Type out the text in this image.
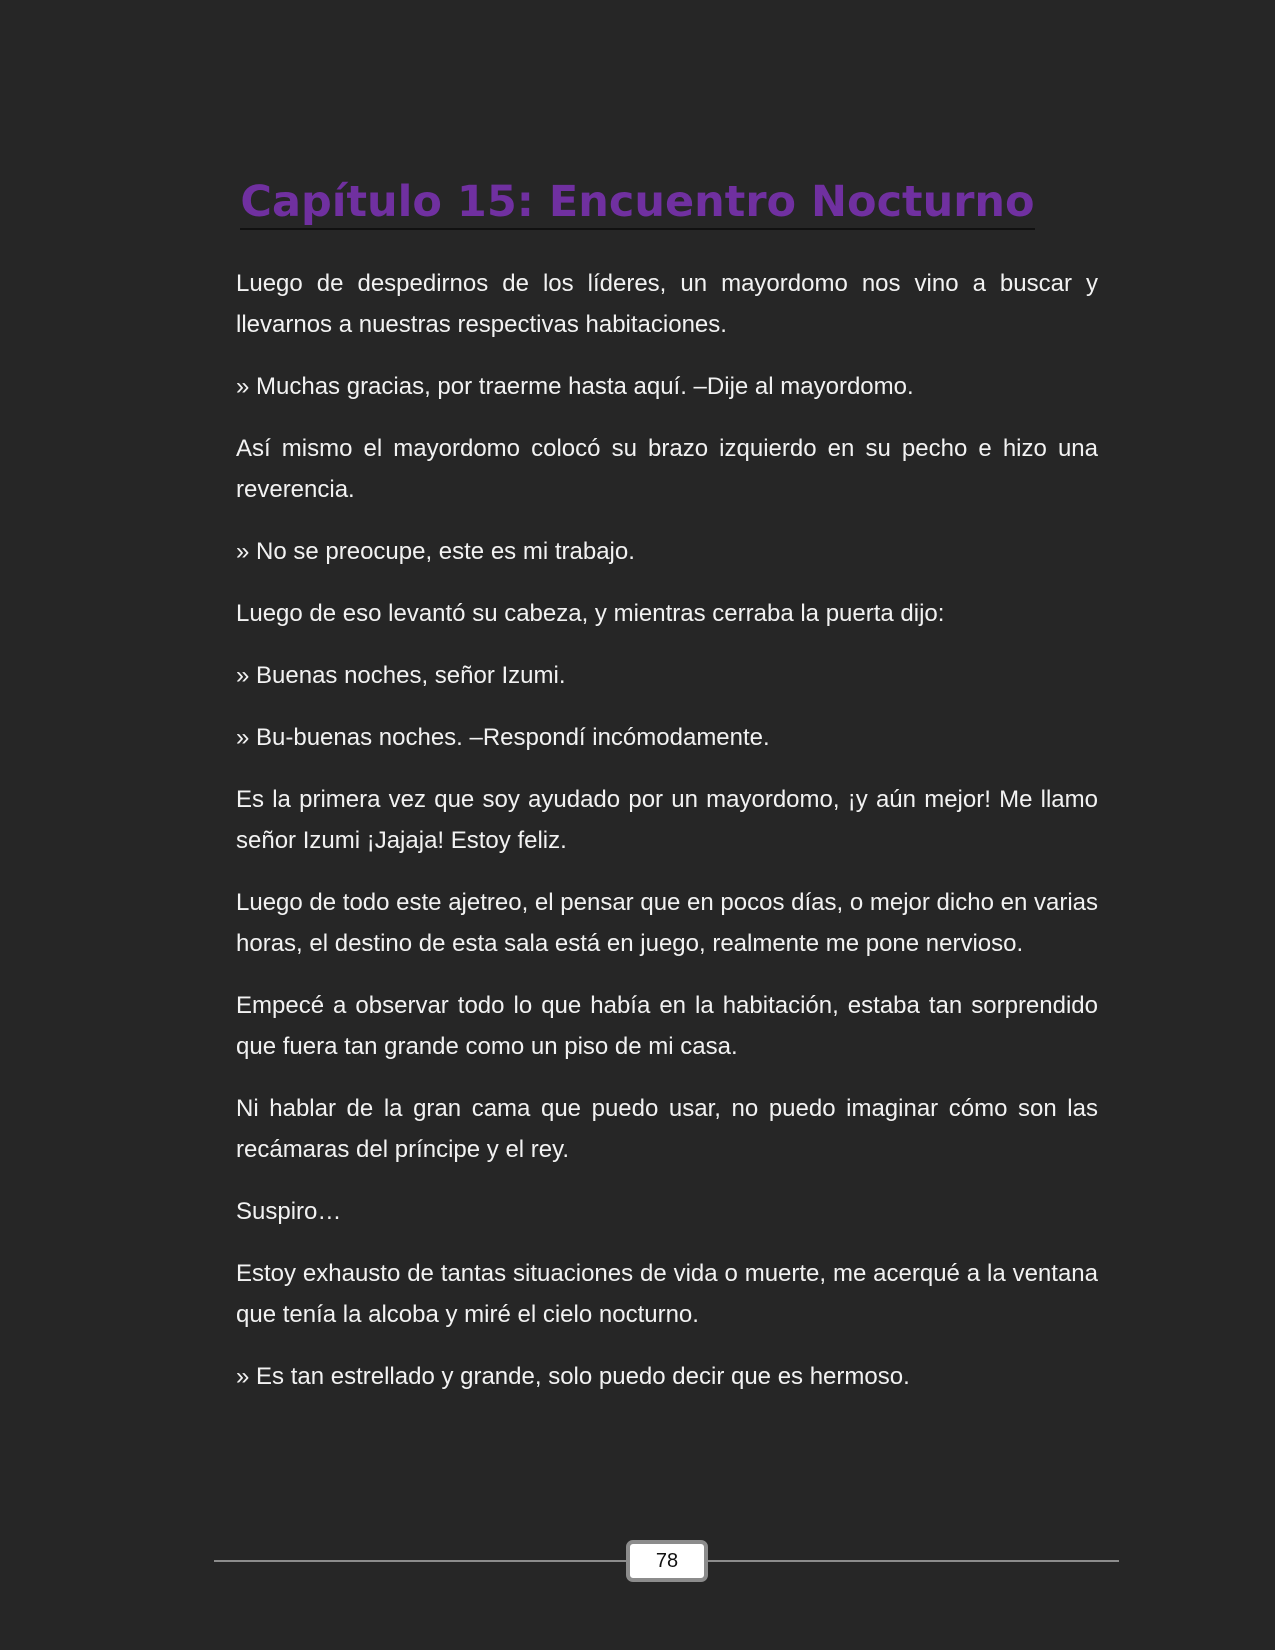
Capítulo 15: Encuentro Nocturno

Luego de despedirnos de los líderes, un mayordomo nos vino a buscar y llevarnos a nuestras respectivas habitaciones.

» Muchas gracias, por traerme hasta aquí. –Dije al mayordomo.

Así mismo el mayordomo colocó su brazo izquierdo en su pecho e hizo una reverencia.

» No se preocupe, este es mi trabajo.

Luego de eso levantó su cabeza, y mientras cerraba la puerta dijo:

» Buenas noches, señor Izumi.

» Bu-buenas noches. –Respondí incómodamente.

Es la primera vez que soy ayudado por un mayordomo, ¡y aún mejor! Me llamo señor Izumi ¡Jajaja! Estoy feliz.

Luego de todo este ajetreo, el pensar que en pocos días, o mejor dicho en varias horas, el destino de esta sala está en juego, realmente me pone nervioso.

Empecé a observar todo lo que había en la habitación, estaba tan sorprendido que fuera tan grande como un piso de mi casa.

Ni hablar de la gran cama que puedo usar, no puedo imaginar cómo son las recámaras del príncipe y el rey.

Suspiro…

Estoy exhausto de tantas situaciones de vida o muerte, me acerqué a la ventana que tenía la alcoba y miré el cielo nocturno.

» Es tan estrellado y grande, solo puedo decir que es hermoso.

78
